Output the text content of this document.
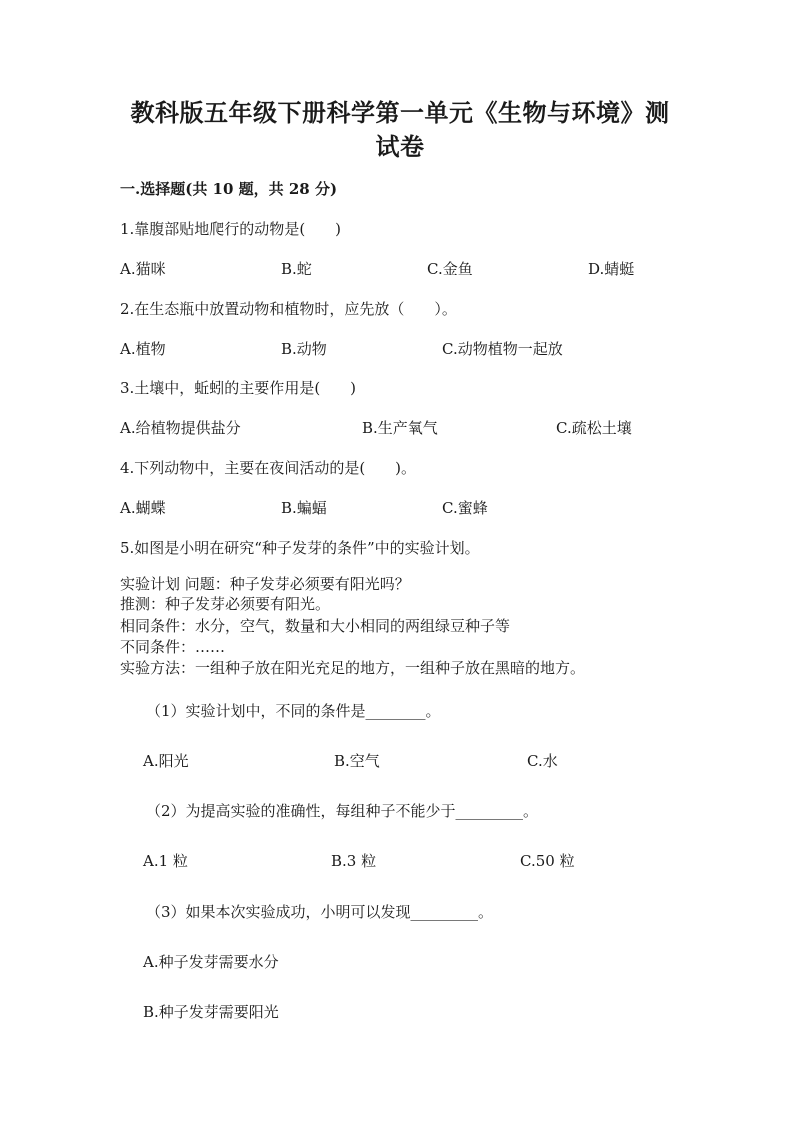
教科版五年级下册科学第一单元《生物与环境》测
试卷
一.选择题(共 10 题，共 28 分)
1.靠腹部贴地爬行的动物是(　　)
A.猫咪	B.蛇	C.金鱼	D.蜻蜓
2.在生态瓶中放置动物和植物时，应先放（　　）。
A.植物	B.动物	C.动物植物一起放
3.土壤中，蚯蚓的主要作用是(　　)
A.给植物提供盐分	B.生产氧气	C.疏松土壤
4.下列动物中，主要在夜间活动的是(　　)。
A.蝴蝶	B.蝙蝠	C.蜜蜂
5.如图是小明在研究“种子发芽的条件”中的实验计划。
实验计划 问题：种子发芽必须要有阳光吗？
推测：种子发芽必须要有阳光。
相同条件：水分，空气，数量和大小相同的两组绿豆种子等
不同条件：……
实验方法：一组种子放在阳光充足的地方，一组种子放在黑暗的地方。
（1）实验计划中，不同的条件是________。
A.阳光	B.空气	C.水
（2）为提高实验的准确性，每组种子不能少于_________。
A.1 粒	B.3 粒	C.50 粒
（3）如果本次实验成功，小明可以发现_________。
A.种子发芽需要水分
B.种子发芽需要阳光
